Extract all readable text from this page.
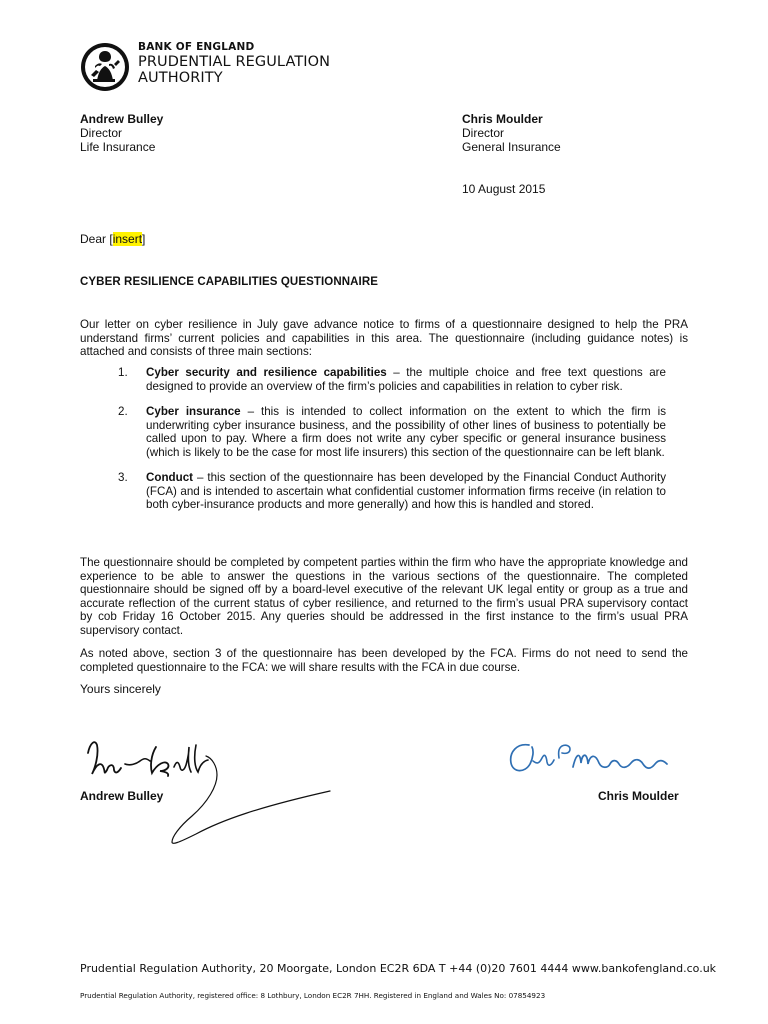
BANK OF ENGLAND
PRUDENTIAL REGULATION
AUTHORITY
Andrew Bulley
Director
Life Insurance
Chris Moulder
Director
General Insurance
10 August 2015
Dear [insert]
CYBER RESILIENCE CAPABILITIES QUESTIONNAIRE
Our letter on cyber resilience in July gave advance notice to firms of a questionnaire designed to help the PRA understand firms’ current policies and capabilities in this area. The questionnaire (including guidance notes) is attached and consists of three main sections:
1.	Cyber security and resilience capabilities – the multiple choice and free text questions are designed to provide an overview of the firm’s policies and capabilities in relation to cyber risk.
2.	Cyber insurance – this is intended to collect information on the extent to which the firm is underwriting cyber insurance business, and the possibility of other lines of business to potentially be called upon to pay. Where a firm does not write any cyber specific or general insurance business (which is likely to be the case for most life insurers) this section of the questionnaire can be left blank.
3.	Conduct – this section of the questionnaire has been developed by the Financial Conduct Authority (FCA) and is intended to ascertain what confidential customer information firms receive (in relation to both cyber-insurance products and more generally) and how this is handled and stored.
The questionnaire should be completed by competent parties within the firm who have the appropriate knowledge and experience to be able to answer the questions in the various sections of the questionnaire. The completed questionnaire should be signed off by a board-level executive of the relevant UK legal entity or group as a true and accurate reflection of the current status of cyber resilience, and returned to the firm’s usual PRA supervisory contact by cob Friday 16 October 2015. Any queries should be addressed in the first instance to the firm’s usual PRA supervisory contact.
As noted above, section 3 of the questionnaire has been developed by the FCA. Firms do not need to send the completed questionnaire to the FCA: we will share results with the FCA in due course.
Yours sincerely
Andrew Bulley	Chris Moulder
Prudential Regulation Authority, 20 Moorgate, London EC2R 6DA T +44 (0)20 7601 4444 www.bankofengland.co.uk
Prudential Regulation Authority, registered office: 8 Lothbury, London EC2R 7HH. Registered in England and Wales No: 07854923
